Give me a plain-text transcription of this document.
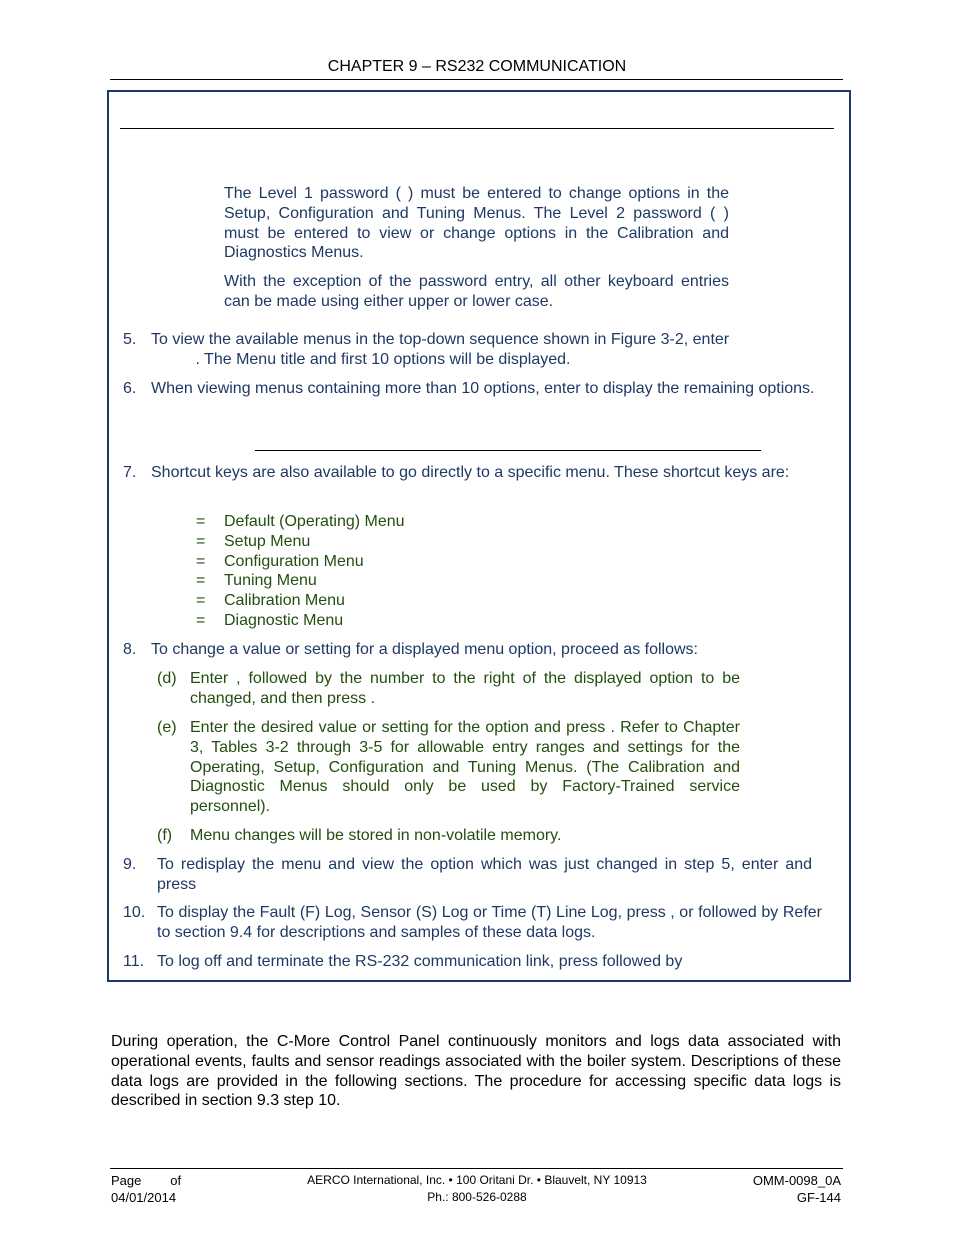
CHAPTER 9 – RS232 COMMUNICATION
The Level 1 password ( ) must be entered to change options in the Setup, Configuration and Tuning Menus. The Level 2 password ( ) must be entered to view or change options in the Calibration and Diagnostics Menus.
With the exception of the password entry, all other keyboard entries can be made using either upper or lower case.
5. To view the available menus in the top-down sequence shown in Figure 3-2, enter
. The Menu title and first 10 options will be displayed.
6. When viewing menus containing more than 10 options, enter to display the remaining options.
7. Shortcut keys are also available to go directly to a specific menu. These shortcut keys are:
= Default (Operating) Menu
= Setup Menu
= Configuration Menu
= Tuning Menu
= Calibration Menu
= Diagnostic Menu
8. To change a value or setting for a displayed menu option, proceed as follows:
(d) Enter , followed by the number to the right of the displayed option to be changed, and then press .
(e) Enter the desired value or setting for the option and press . Refer to Chapter 3, Tables 3-2 through 3-5 for allowable entry ranges and settings for the Operating, Setup, Configuration and Tuning Menus. (The Calibration and Diagnostic Menus should only be used by Factory-Trained service personnel).
(f)	Menu changes will be stored in non-volatile memory.
9.	To redisplay the menu and view the option which was just changed in step 5, enter and press
10. To display the Fault (F) Log, Sensor (S) Log or Time (T) Line Log, press , or followed by Refer to section 9.4 for descriptions and samples of these data logs.
11. To log off and terminate the RS-232 communication link, press followed by
During operation, the C-More Control Panel continuously monitors and logs data associated with operational events, faults and sensor readings associated with the boiler system. Descriptions of these data logs are provided in the following sections. The procedure for accessing specific data logs is described in section 9.3 step 10.
Page        of
04/01/2014
AERCO International, Inc. • 100 Oritani Dr. • Blauvelt, NY 10913
Ph.: 800-526-0288
OMM-0098_0A
GF-144
